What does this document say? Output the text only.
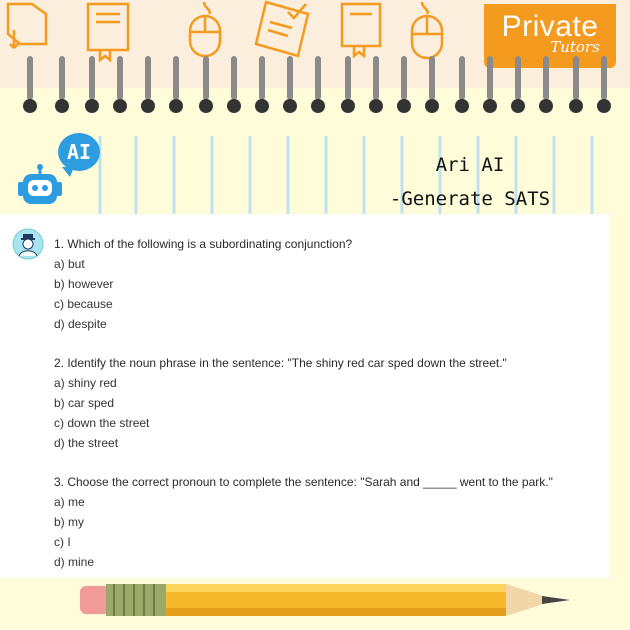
Private
Tutors
AI
Ari AI
-Generate SATS
1. Which of the following is a subordinating conjunction?
a) but
b) however
c) because
d) despite
2. Identify the noun phrase in the sentence: "The shiny red car sped down the street."
a) shiny red
b) car sped
c) down the street
d) the street
3. Choose the correct pronoun to complete the sentence: "Sarah and _____ went to the park."
a) me
b) my
c) I
d) mine
